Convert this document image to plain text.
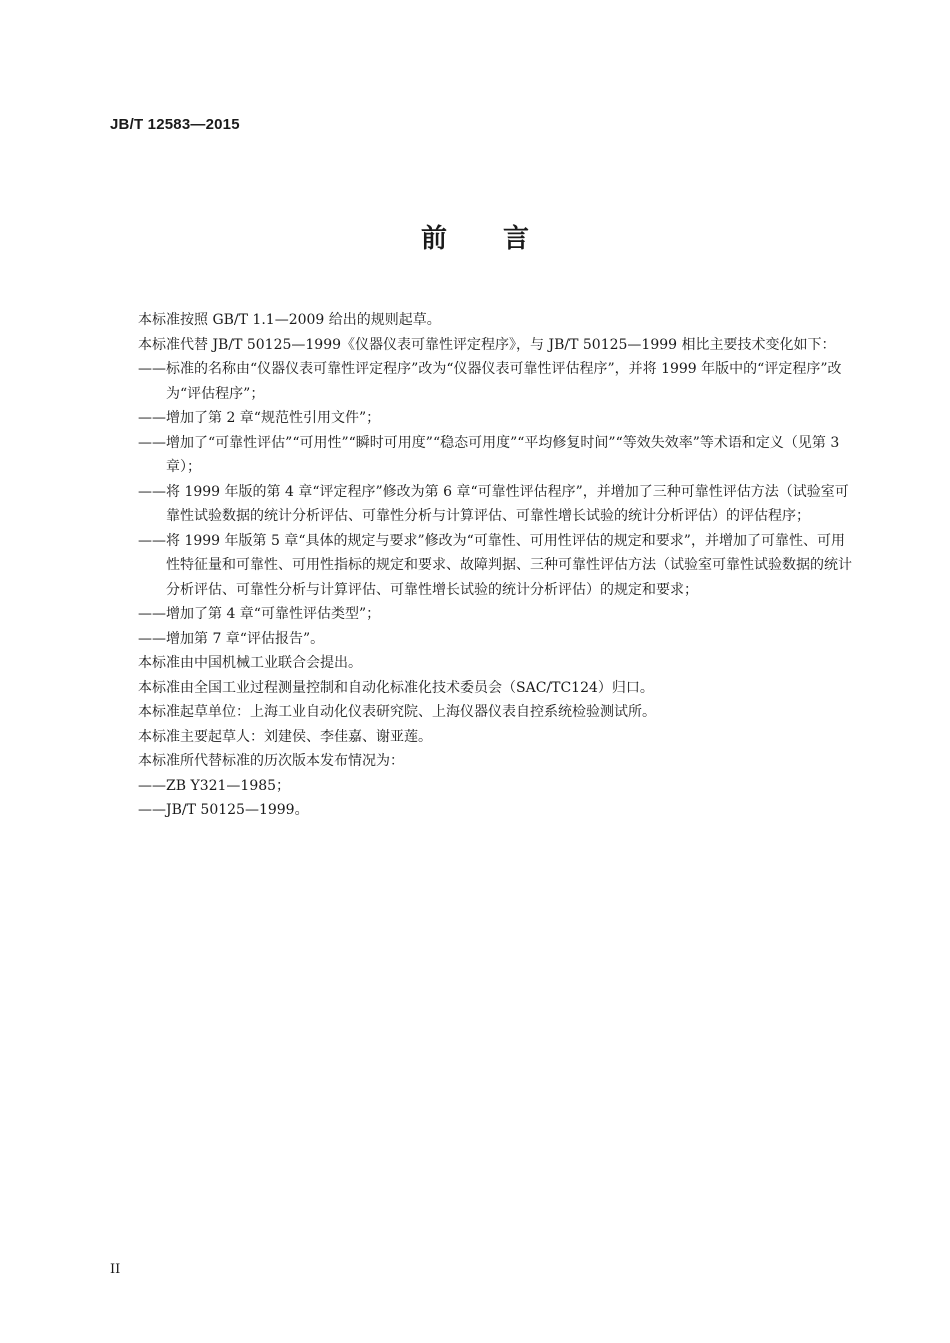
JB/T 12583—2015
前 言

本标准按照 GB/T 1.1—2009 给出的规则起草。

本标准代替 JB/T 50125—1999《仪器仪表可靠性评定程序》，与 JB/T 50125—1999 相比主要技术变化如下：

——标准的名称由“仪器仪表可靠性评定程序”改为“仪器仪表可靠性评估程序”，并将 1999 年版中的“评定程序”改为“评估程序”；

——增加了第 2 章“规范性引用文件”；

——增加了“可靠性评估”“可用性”“瞬时可用度”“稳态可用度”“平均修复时间”“等效失效率”等术语和定义（见第 3 章）；

——将 1999 年版的第 4 章“评定程序”修改为第 6 章“可靠性评估程序”，并增加了三种可靠性评估方法（试验室可靠性试验数据的统计分析评估、可靠性分析与计算评估、可靠性增长试验的统计分析评估）的评估程序；

——将 1999 年版第 5 章“具体的规定与要求”修改为“可靠性、可用性评估的规定和要求”，并增加了可靠性、可用性特征量和可靠性、可用性指标的规定和要求、故障判据、三种可靠性评估方法（试验室可靠性试验数据的统计分析评估、可靠性分析与计算评估、可靠性增长试验的统计分析评估）的规定和要求；

——增加了第 4 章“可靠性评估类型”；

——增加第 7 章“评估报告”。

本标准由中国机械工业联合会提出。

本标准由全国工业过程测量控制和自动化标准化技术委员会（SAC/TC124）归口。

本标准起草单位：上海工业自动化仪表研究院、上海仪器仪表自控系统检验测试所。

本标准主要起草人：刘建侯、李佳嘉、谢亚莲。

本标准所代替标准的历次版本发布情况为：

——ZB Y321—1985；

——JB/T 50125—1999。

II
